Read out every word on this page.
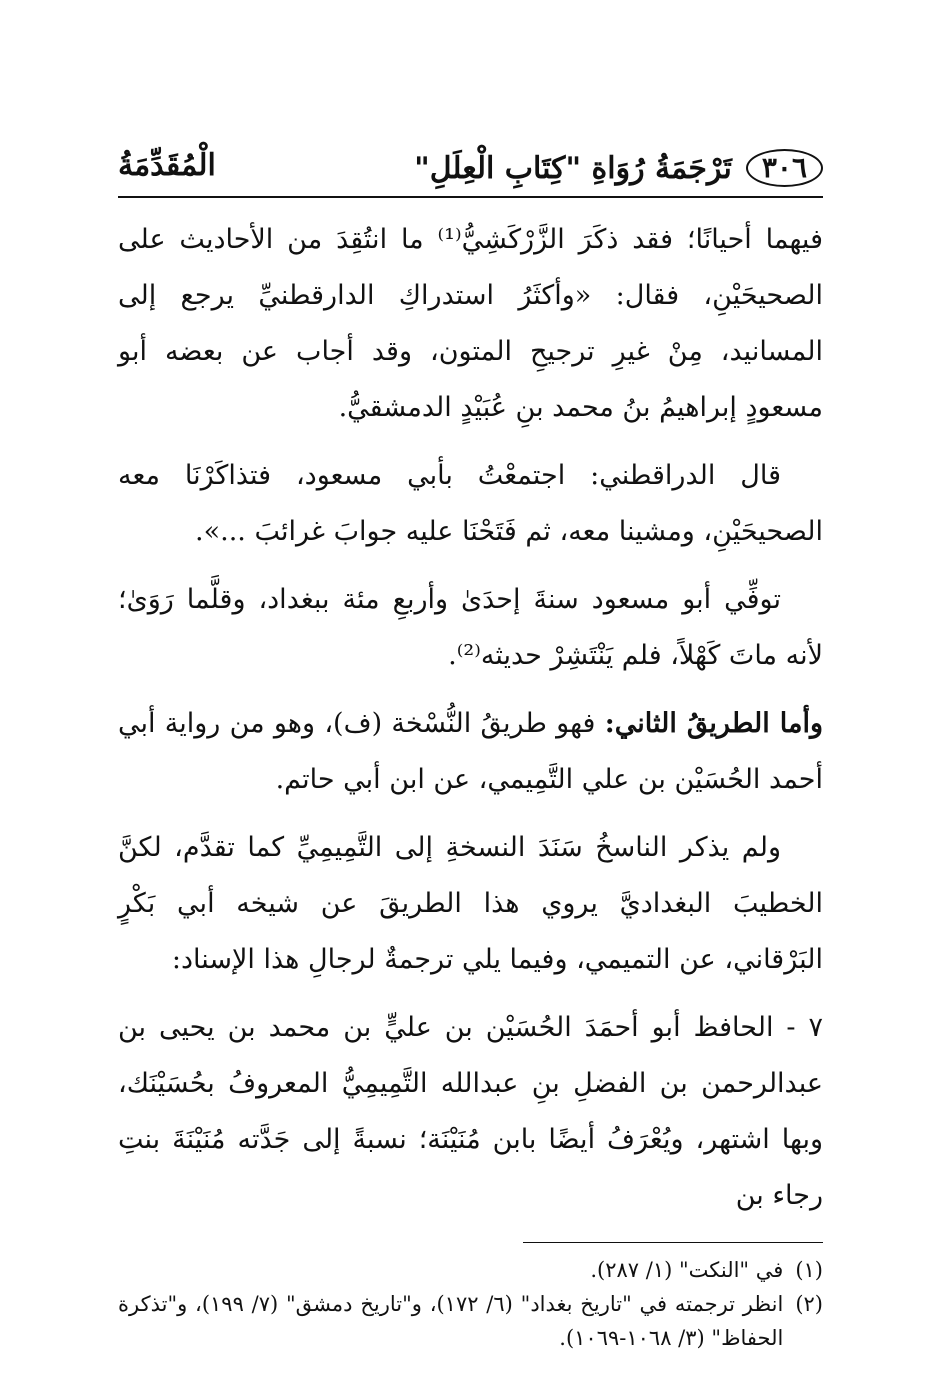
٣٠٦
تَرْجَمَةُ رُوَاةِ "كِتَابِ الْعِلَلِ"
الْمُقَدِّمَةُ

فيهما أحيانًا؛ فقد ذكَرَ الزَّرْكَشِيُّ⁽¹⁾ ما انتُقِدَ من الأحاديث على الصحيحَيْنِ، فقال: «وأكثَرُ استدراكِ الدارقطنيِّ يرجع إلى المسانيد، مِنْ غيرِ ترجيحِ المتون، وقد أجاب عن بعضه أبو مسعودٍ إبراهيمُ بنُ محمد بنِ عُبَيْدٍ الدمشقيُّ.

قال الدراقطني: اجتمعْتُ بأبي مسعود، فتذاكَرْنَا معه الصحيحَيْنِ، ومشينا معه، ثم فَتَحْنَا عليه جوابَ غرائبَ ...».

توفِّي أبو مسعود سنةَ إحدَىٰ وأربعِ مئة ببغداد، وقلَّما رَوَىٰ؛ لأنه ماتَ كَهْلاً، فلم يَنْتَشِرْ حديثه⁽²⁾.

وأما الطريقُ الثاني: فهو طريقُ النُّسْخة (ف)، وهو من رواية أبي أحمد الحُسَيْن بن علي التَّمِيمي، عن ابن أبي حاتم.

ولم يذكر الناسخُ سَنَدَ النسخةِ إلى التَّمِيمِيِّ كما تقدَّم، لكنَّ الخطيبَ البغداديَّ يروي هذا الطريقَ عن شيخه أبي بَكْرٍ البَرْقاني، عن التميمي، وفيما يلي ترجمةٌ لرجالِ هذا الإسناد:

٧ - الحافظ أبو أحمَدَ الحُسَيْن بن عليٍّ بن محمد بن يحيى بن عبدالرحمن بن الفضلِ بنِ عبدالله التَّمِيمِيُّ المعروفُ بحُسَيْنَك، وبها اشتهر، ويُعْرَفُ أيضًا بابن مُنَيْنَة؛ نسبةً إلى جَدَّته مُنَيْنَةَ بنتِ رجاء بن

(١)
في "النكت" (١/ ٢٨٧).
(٢)
انظر ترجمته في "تاريخ بغداد" (٦/ ١٧٢)، و"تاريخ دمشق" (٧/ ١٩٩)، و"تذكرة الحفاظ" (٣/ ١٠٦٨-١٠٦٩).
